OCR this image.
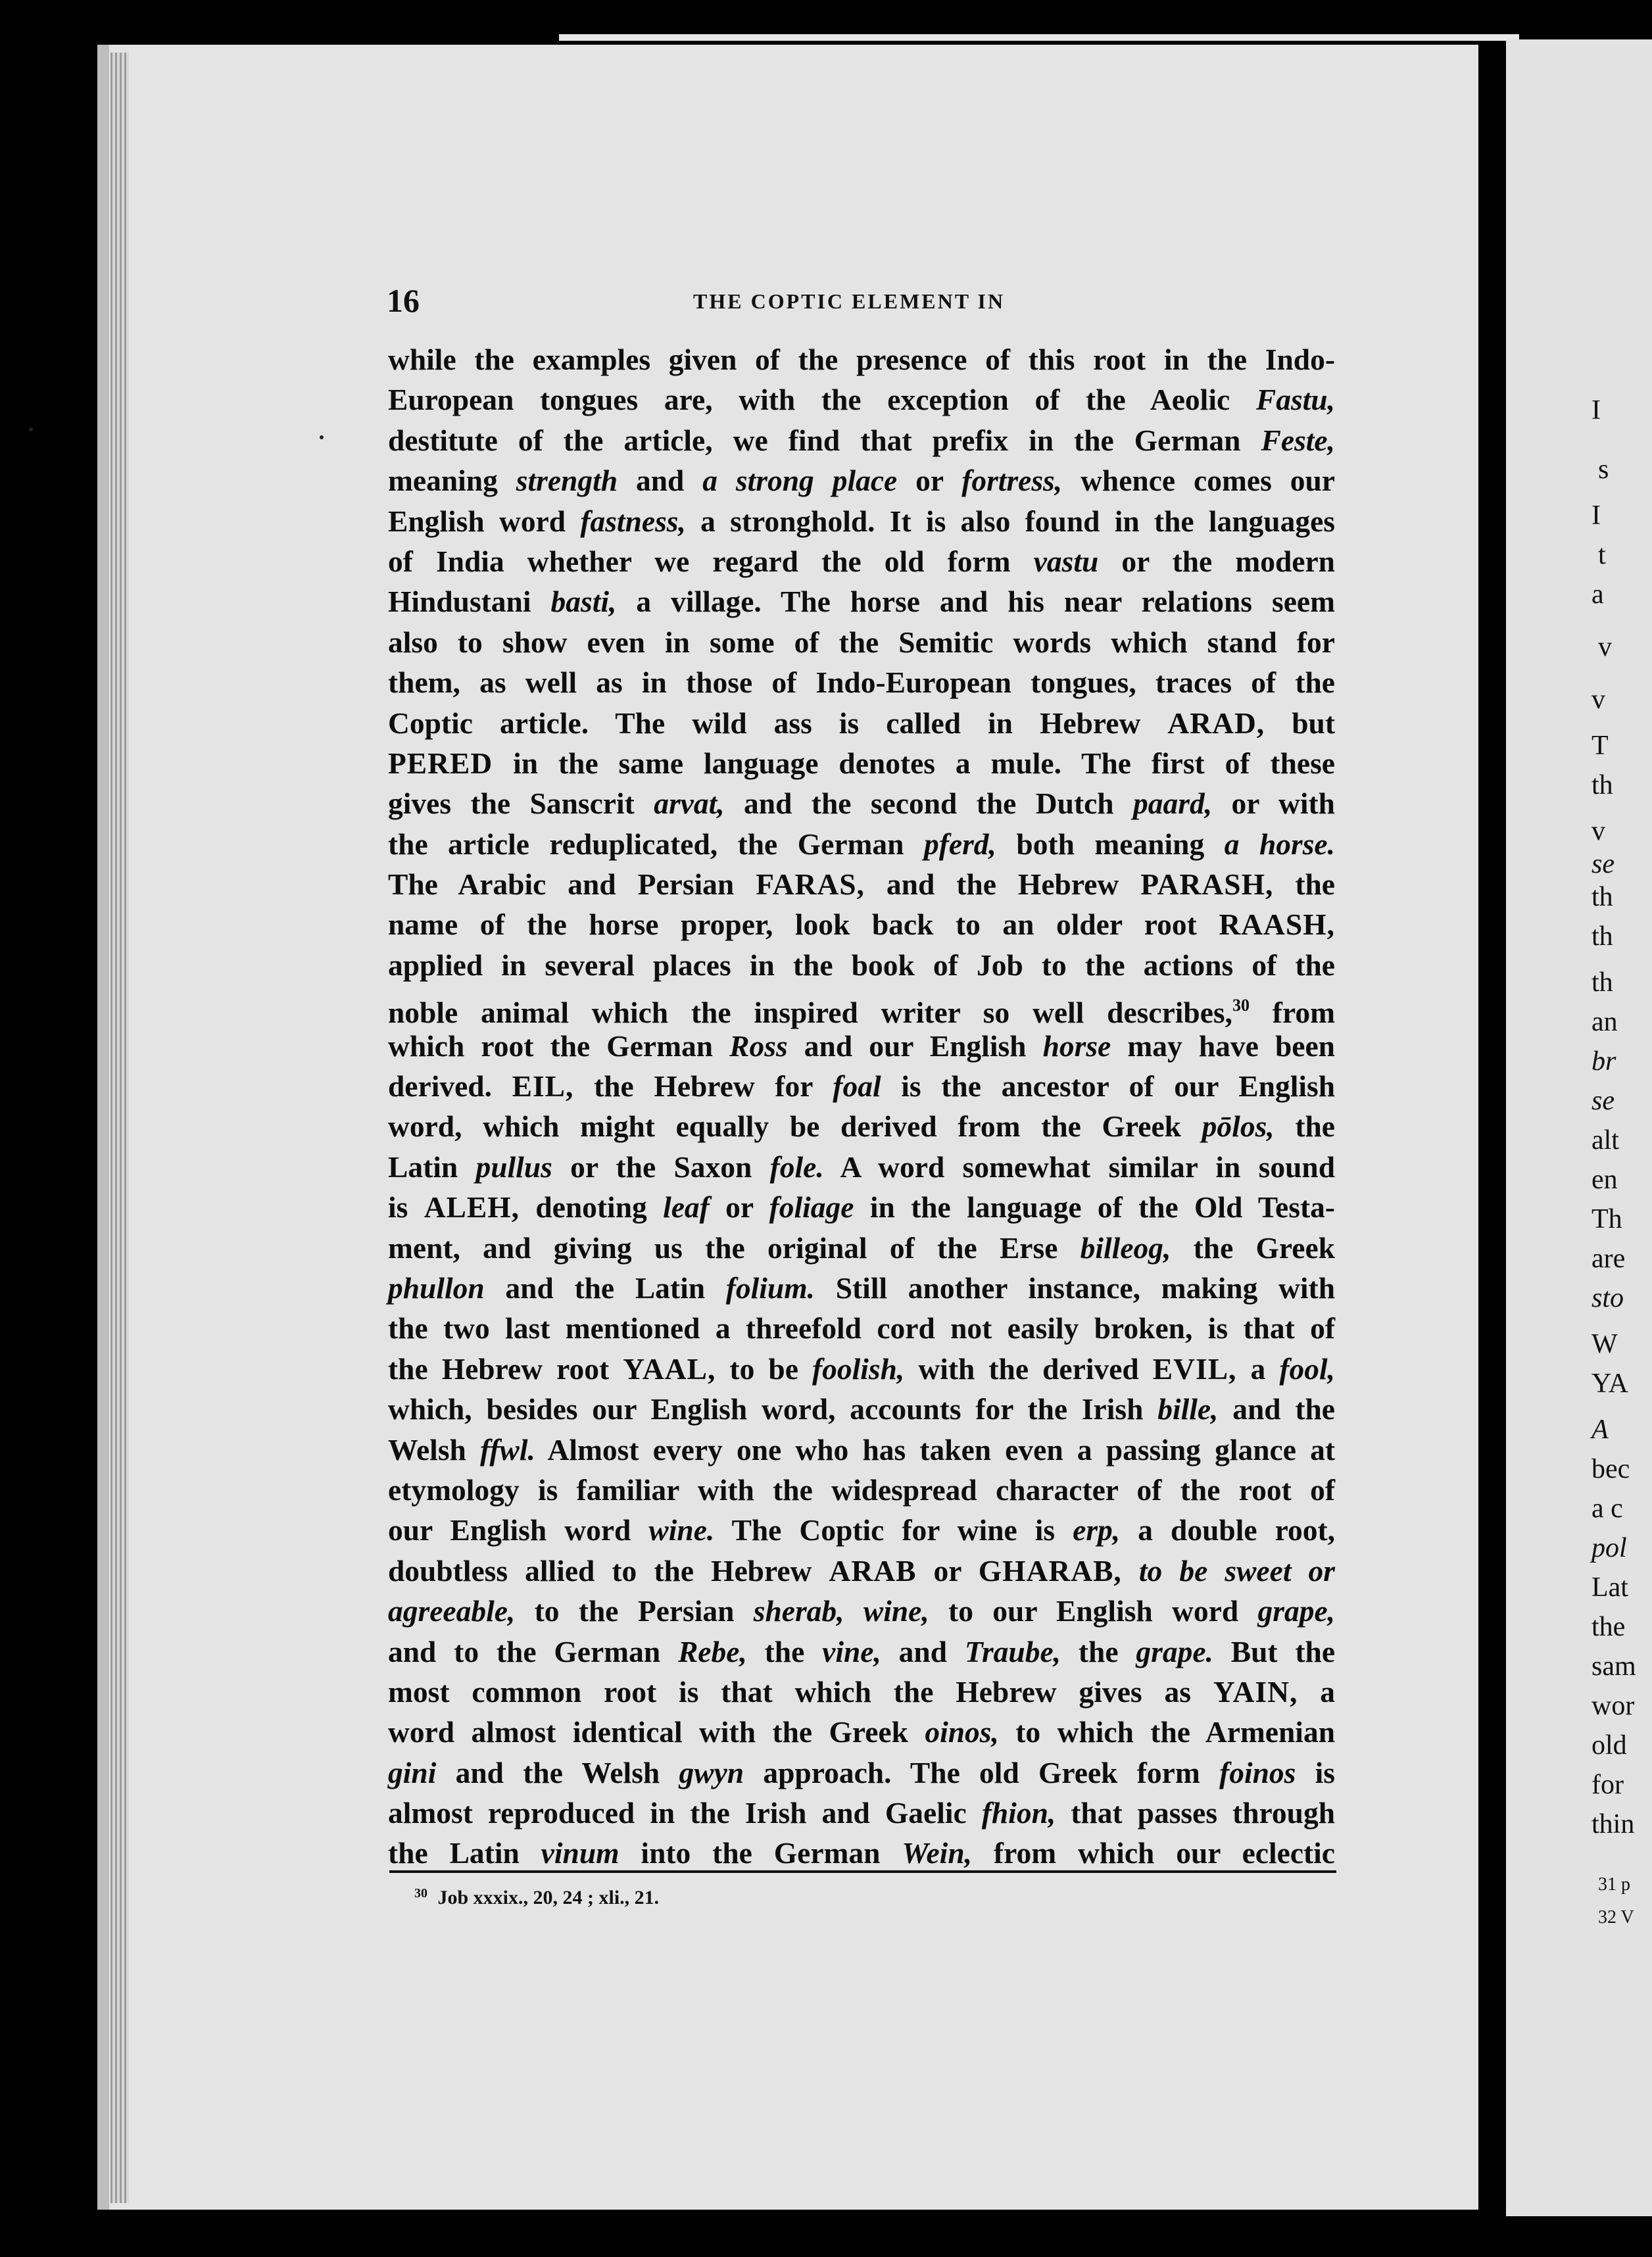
16	THE COPTIC ELEMENT IN
while the examples given of the presence of this root in the Indo-
European tongues are, with the exception of the Aeolic Fastu,
destitute of the article, we find that prefix in the German Feste,
meaning strength and a strong place or fortress, whence comes our
English word fastness, a stronghold. It is also found in the languages
of India whether we regard the old form vastu or the modern
Hindustani basti, a village. The horse and his near relations seem
also to show even in some of the Semitic words which stand for
them, as well as in those of Indo-European tongues, traces of the
Coptic article. The wild ass is called in Hebrew ARAD, but
PERED in the same language denotes a mule. The first of these
gives the Sanscrit arvat, and the second the Dutch paard, or with
the article reduplicated, the German pferd, both meaning a horse.
The Arabic and Persian FARAS, and the Hebrew PARASH, the
name of the horse proper, look back to an older root RAASH,
applied in several places in the book of Job to the actions of the
noble animal which the inspired writer so well describes,$^{30}$ from
which root the German Ross and our English horse may have been
derived. EIL, the Hebrew for foal is the ancestor of our English
word, which might equally be derived from the Greek pōlos, the
Latin pullus or the Saxon fole. A word somewhat similar in sound
is ALEH, denoting leaf or foliage in the language of the Old Testa-
ment, and giving us the original of the Erse billeog, the Greek
phullon and the Latin folium. Still another instance, making with
the two last mentioned a threefold cord not easily broken, is that of
the Hebrew root YAAL, to be foolish, with the derived EVIL, a fool,
which, besides our English word, accounts for the Irish bille, and the
Welsh ffwl. Almost every one who has taken even a passing glance at
etymology is familiar with the widespread character of the root of
our English word wine. The Coptic for wine is erp, a double root,
doubtless allied to the Hebrew ARAB or GHARAB, to be sweet or
agreeable, to the Persian sherab, wine, to our English word grape,
and to the German Rebe, the vine, and Traube, the grape. But the
most common root is that which the Hebrew gives as YAIN, a
word almost identical with the Greek oinos, to which the Armenian
gini and the Welsh gwyn approach. The old Greek form foinos is
almost reproduced in the Irish and Gaelic fhion, that passes through
the Latin vinum into the German Wein, from which our eclectic
$^{30}$ Job xxxix., 20, 24 ; xli., 21.
I
s
I
t
a
v
v
T
th
v
se
th
th
th
an
br
se
alt
en
Th
are
sto
W
YA
A
bec
a c
pol
Lat
the
sam
wor
old
for
thin
31 p
32 V
